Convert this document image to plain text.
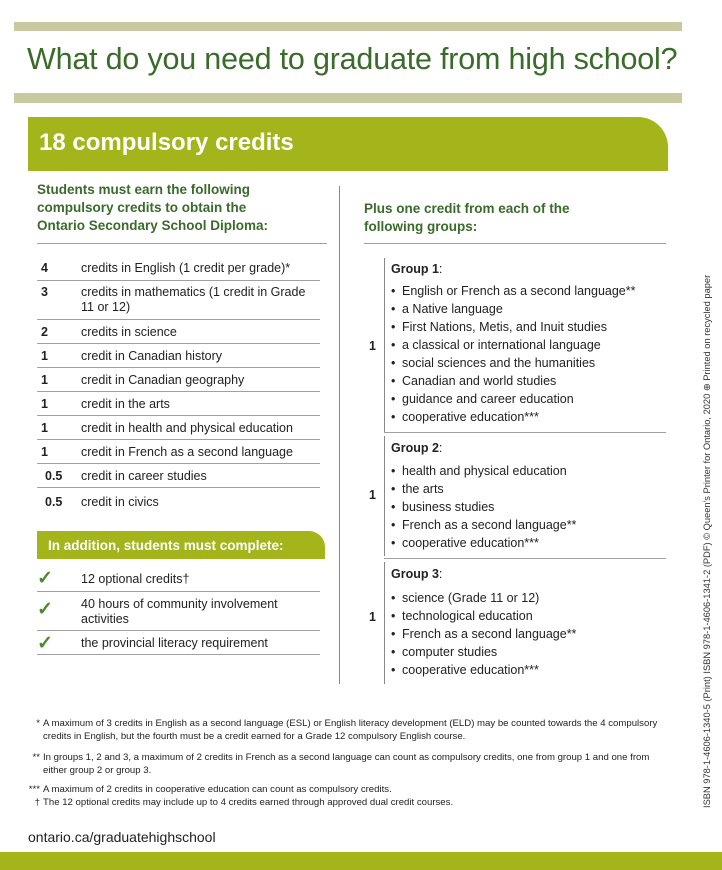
What do you need to graduate from high school?
18 compulsory credits
Students must earn the following compulsory credits to obtain the Ontario Secondary School Diploma:
Plus one credit from each of the following groups:
4	credits in English (1 credit per grade)*
3	credits in mathematics (1 credit in Grade 11 or 12)
2	credits in science
1	credit in Canadian history
1	credit in Canadian geography
1	credit in the arts
1	credit in health and physical education
1	credit in French as a second language
0.5 credit in career studies
0.5 credit in civics
In addition, students must complete:
✓ 12 optional credits†
✓ 40 hours of community involvement activities
✓ the provincial literacy requirement
Group 1:
1
• English or French as a second language**
• a Native language
• First Nations, Metis, and Inuit studies
• a classical or international language
• social sciences and the humanities
• Canadian and world studies
• guidance and career education
• cooperative education***
Group 2:
1
• health and physical education
• the arts
• business studies
• French as a second language**
• cooperative education***
Group 3:
1
• science (Grade 11 or 12)
• technological education
• French as a second language**
• computer studies
• cooperative education***
* A maximum of 3 credits in English as a second language (ESL) or English literacy development (ELD) may be counted towards the 4 compulsory credits in English, but the fourth must be a credit earned for a Grade 12 compulsory English course.
** In groups 1, 2 and 3, a maximum of 2 credits in French as a second language can count as compulsory credits, one from group 1 and one from either group 2 or group 3.
*** A maximum of 2 credits in cooperative education can count as compulsory credits.
† The 12 optional credits may include up to 4 credits earned through approved dual credit courses.
ontario.ca/graduatehighschool
ISBN 978-1-4606-1340-5 (Print) ISBN 978-1-4606-1341-2 (PDF) © Queen's Printer for Ontario, 2020 ⊕ Printed on recycled paper
